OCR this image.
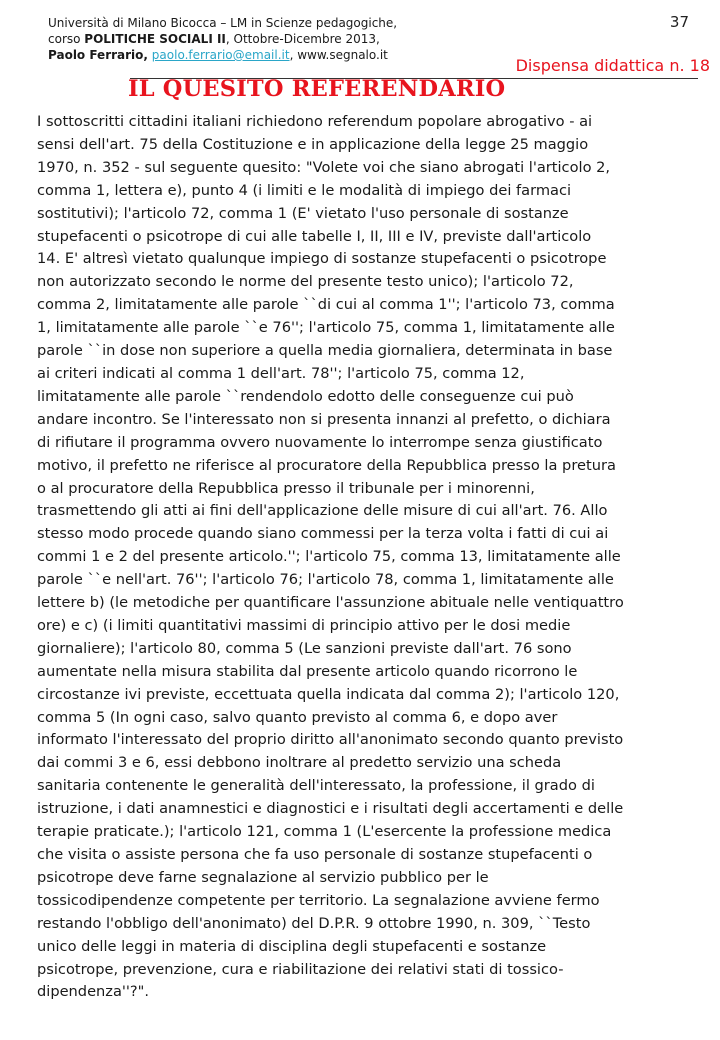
Università di Milano Bicocca – LM in Scienze pedagogiche,
corso POLITICHE SOCIALI II, Ottobre-Dicembre 2013,
Paolo Ferrario, paolo.ferrario@email.it, www.segnalo.it
37
Dispensa didattica n. 18
IL QUESITO REFERENDARIO
I sottoscritti cittadini italiani richiedono referendum popolare abrogativo - ai
sensi dell'art. 75 della Costituzione e in applicazione della legge 25 maggio
1970, n. 352 - sul seguente quesito: "Volete voi che siano abrogati l'articolo 2,
comma 1, lettera e), punto 4 (i limiti e le modalità di impiego dei farmaci
sostitutivi); l'articolo 72, comma 1 (E' vietato l'uso personale di sostanze
stupefacenti o psicotrope di cui alle tabelle I, II, III e IV, previste dall'articolo
14. E' altresì vietato qualunque impiego di sostanze stupefacenti o psicotrope
non autorizzato secondo le norme del presente testo unico); l'articolo 72,
comma 2, limitatamente alle parole ``di cui al comma 1''; l'articolo 73, comma
1, limitatamente alle parole ``e 76''; l'articolo 75, comma 1, limitatamente alle
parole ``in dose non superiore a quella media giornaliera, determinata in base
ai criteri indicati al comma 1 dell'art. 78''; l'articolo 75, comma 12,
limitatamente alle parole ``rendendolo edotto delle conseguenze cui può
andare incontro. Se l'interessato non si presenta innanzi al prefetto, o dichiara
di rifiutare il programma ovvero nuovamente lo interrompe senza giustificato
motivo, il prefetto ne riferisce al procuratore della Repubblica presso la pretura
o al procuratore della Repubblica presso il tribunale per i minorenni,
trasmettendo gli atti ai fini dell'applicazione delle misure di cui all'art. 76. Allo
stesso modo procede quando siano commessi per la terza volta i fatti di cui ai
commi 1 e 2 del presente articolo.''; l'articolo 75, comma 13, limitatamente alle
parole ``e nell'art. 76''; l'articolo 76; l'articolo 78, comma 1, limitatamente alle
lettere b) (le metodiche per quantificare l'assunzione abituale nelle ventiquattro
ore) e c) (i limiti quantitativi massimi di principio attivo per le dosi medie
giornaliere); l'articolo 80, comma 5 (Le sanzioni previste dall'art. 76 sono
aumentate nella misura stabilita dal presente articolo quando ricorrono le
circostanze ivi previste, eccettuata quella indicata dal comma 2); l'articolo 120,
comma 5 (In ogni caso, salvo quanto previsto al comma 6, e dopo aver
informato l'interessato del proprio diritto all'anonimato secondo quanto previsto
dai commi 3 e 6, essi debbono inoltrare al predetto servizio una scheda
sanitaria contenente le generalità dell'interessato, la professione, il grado di
istruzione, i dati anamnestici e diagnostici e i risultati degli accertamenti e delle
terapie praticate.); l'articolo 121, comma 1 (L'esercente la professione medica
che visita o assiste persona che fa uso personale di sostanze stupefacenti o
psicotrope deve farne segnalazione al servizio pubblico per le
tossicodipendenze competente per territorio. La segnalazione avviene fermo
restando l'obbligo dell'anonimato) del D.P.R. 9 ottobre 1990, n. 309, ``Testo
unico delle leggi in materia di disciplina degli stupefacenti e sostanze
psicotrope, prevenzione, cura e riabilitazione dei relativi stati di tossico-
dipendenza''?".
